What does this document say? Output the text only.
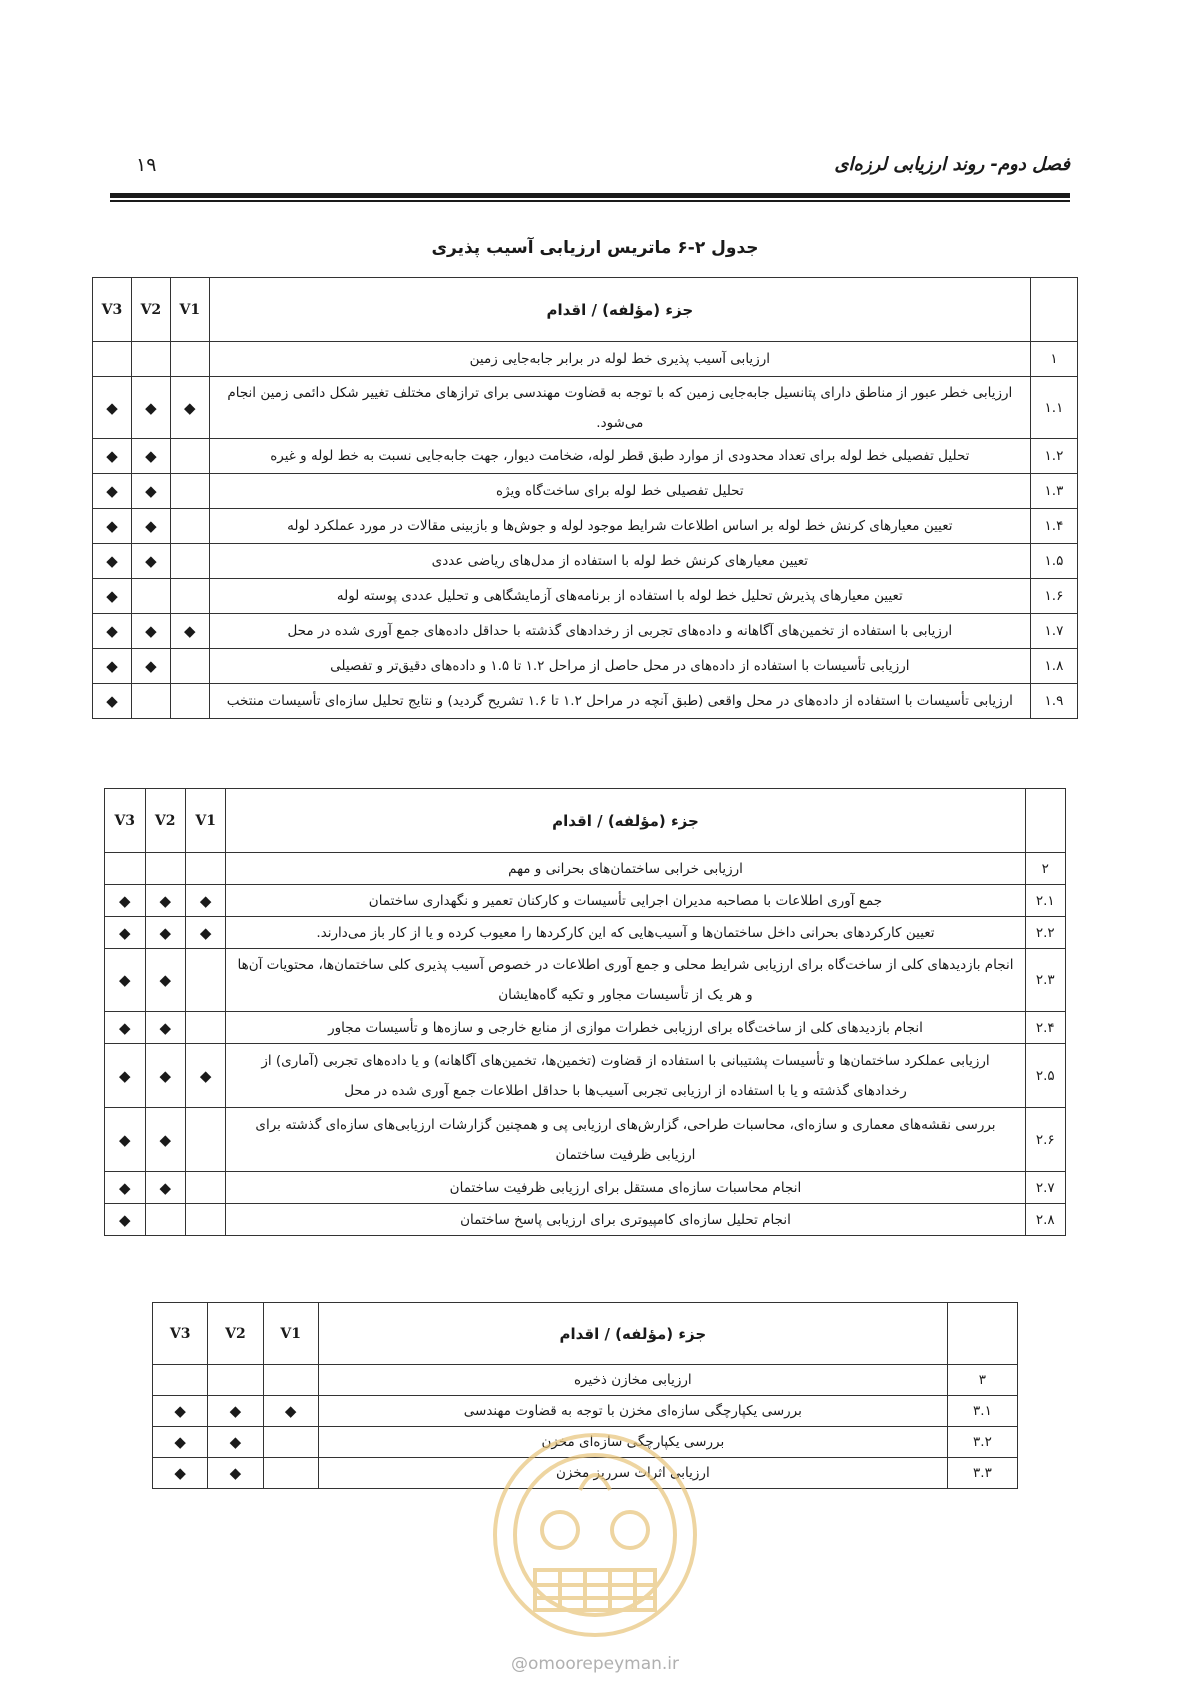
فصل دوم- روند ارزیابی لرزه‌ای
۱۹
جدول ۲-۶ ماتریس ارزیابی آسیب پذیری
	جزء (مؤلفه) / اقدام	V1	V2	V3
۱	ارزیابی آسیب پذیری خط لوله در برابر جابه‌جایی زمین			
۱.۱	ارزیابی خطر عبور از مناطق دارای پتانسیل جابه‌جایی زمین که با توجه به قضاوت مهندسی برای ترازهای مختلف تغییر شکل دائمی زمین انجام می‌شود.	◆	◆	◆
۱.۲	تحلیل تفصیلی خط لوله برای تعداد محدودی از موارد طبق قطر لوله، ضخامت دیوار، جهت جابه‌جایی نسبت به خط لوله و غیره		◆	◆
۱.۳	تحلیل تفصیلی خط لوله برای ساخت‌گاه ویژه		◆	◆
۱.۴	تعیین معیارهای کرنش خط لوله بر اساس اطلاعات شرایط موجود لوله و جوش‌ها و بازبینی مقالات در مورد عملکرد لوله		◆	◆
۱.۵	تعیین معیارهای کرنش خط لوله با استفاده از مدل‌های ریاضی عددی		◆	◆
۱.۶	تعیین معیارهای پذیرش تحلیل خط لوله با استفاده از برنامه‌های آزمایشگاهی و تحلیل عددی پوسته لوله			◆
۱.۷	ارزیابی با استفاده از تخمین‌های آگاهانه و داده‌های تجربی از رخدادهای گذشته با حداقل داده‌های جمع آوری شده در محل	◆	◆	◆
۱.۸	ارزیابی تأسیسات با استفاده از داده‌های در محل حاصل از مراحل ۱.۲ تا ۱.۵ و داده‌های دقیق‌تر و تفصیلی		◆	◆
۱.۹	ارزیابی تأسیسات با استفاده از داده‌های در محل واقعی (طبق آنچه در مراحل ۱.۲ تا ۱.۶ تشریح گردید) و نتایج تحلیل سازه‌ای تأسیسات منتخب			◆
	جزء (مؤلفه) / اقدام	V1	V2	V3
۲	ارزیابی خرابی ساختمان‌های بحرانی و مهم			
۲.۱	جمع آوری اطلاعات با مصاحبه مدیران اجرایی تأسیسات و کارکنان تعمیر و نگهداری ساختمان	◆	◆	◆
۲.۲	تعیین کارکردهای بحرانی داخل ساختمان‌ها و آسیب‌هایی که این کارکردها را معیوب کرده و یا از کار باز می‌دارند.	◆	◆	◆
۲.۳	انجام بازدیدهای کلی از ساخت‌گاه برای ارزیابی شرایط محلی و جمع آوری اطلاعات در خصوص آسیب پذیری کلی ساختمان‌ها، محتویات آن‌ها و هر یک از تأسیسات مجاور و تکیه گاه‌هایشان		◆	◆
۲.۴	انجام بازدیدهای کلی از ساخت‌گاه برای ارزیابی خطرات موازی از منابع خارجی و سازه‌ها و تأسیسات مجاور		◆	◆
۲.۵	ارزیابی عملکرد ساختمان‌ها و تأسیسات پشتیبانی با استفاده از قضاوت (تخمین‌ها، تخمین‌های آگاهانه) و یا داده‌های تجربی (آماری) از رخدادهای گذشته و یا با استفاده از ارزیابی تجربی آسیب‌ها با حداقل اطلاعات جمع آوری شده در محل	◆	◆	◆
۲.۶	بررسی نقشه‌های معماری و سازه‌ای، محاسبات طراحی، گزارش‌های ارزیابی پی و همچنین گزارشات ارزیابی‌های سازه‌ای گذشته برای ارزیابی ظرفیت ساختمان		◆	◆
۲.۷	انجام محاسبات سازه‌ای مستقل برای ارزیابی ظرفیت ساختمان		◆	◆
۲.۸	انجام تحلیل سازه‌ای کامپیوتری برای ارزیابی پاسخ ساختمان			◆
	جزء (مؤلفه) / اقدام	V1	V2	V3
۳	ارزیابی مخازن ذخیره			
۳.۱	بررسی یکپارچگی سازه‌ای مخزن با توجه به قضاوت مهندسی	◆	◆	◆
۳.۲	بررسی یکپارچگی سازه‌ای مخزن		◆	◆
۳.۳	ارزیابی اثرات سرریز مخزن		◆	◆
@omoorepeyman.ir
